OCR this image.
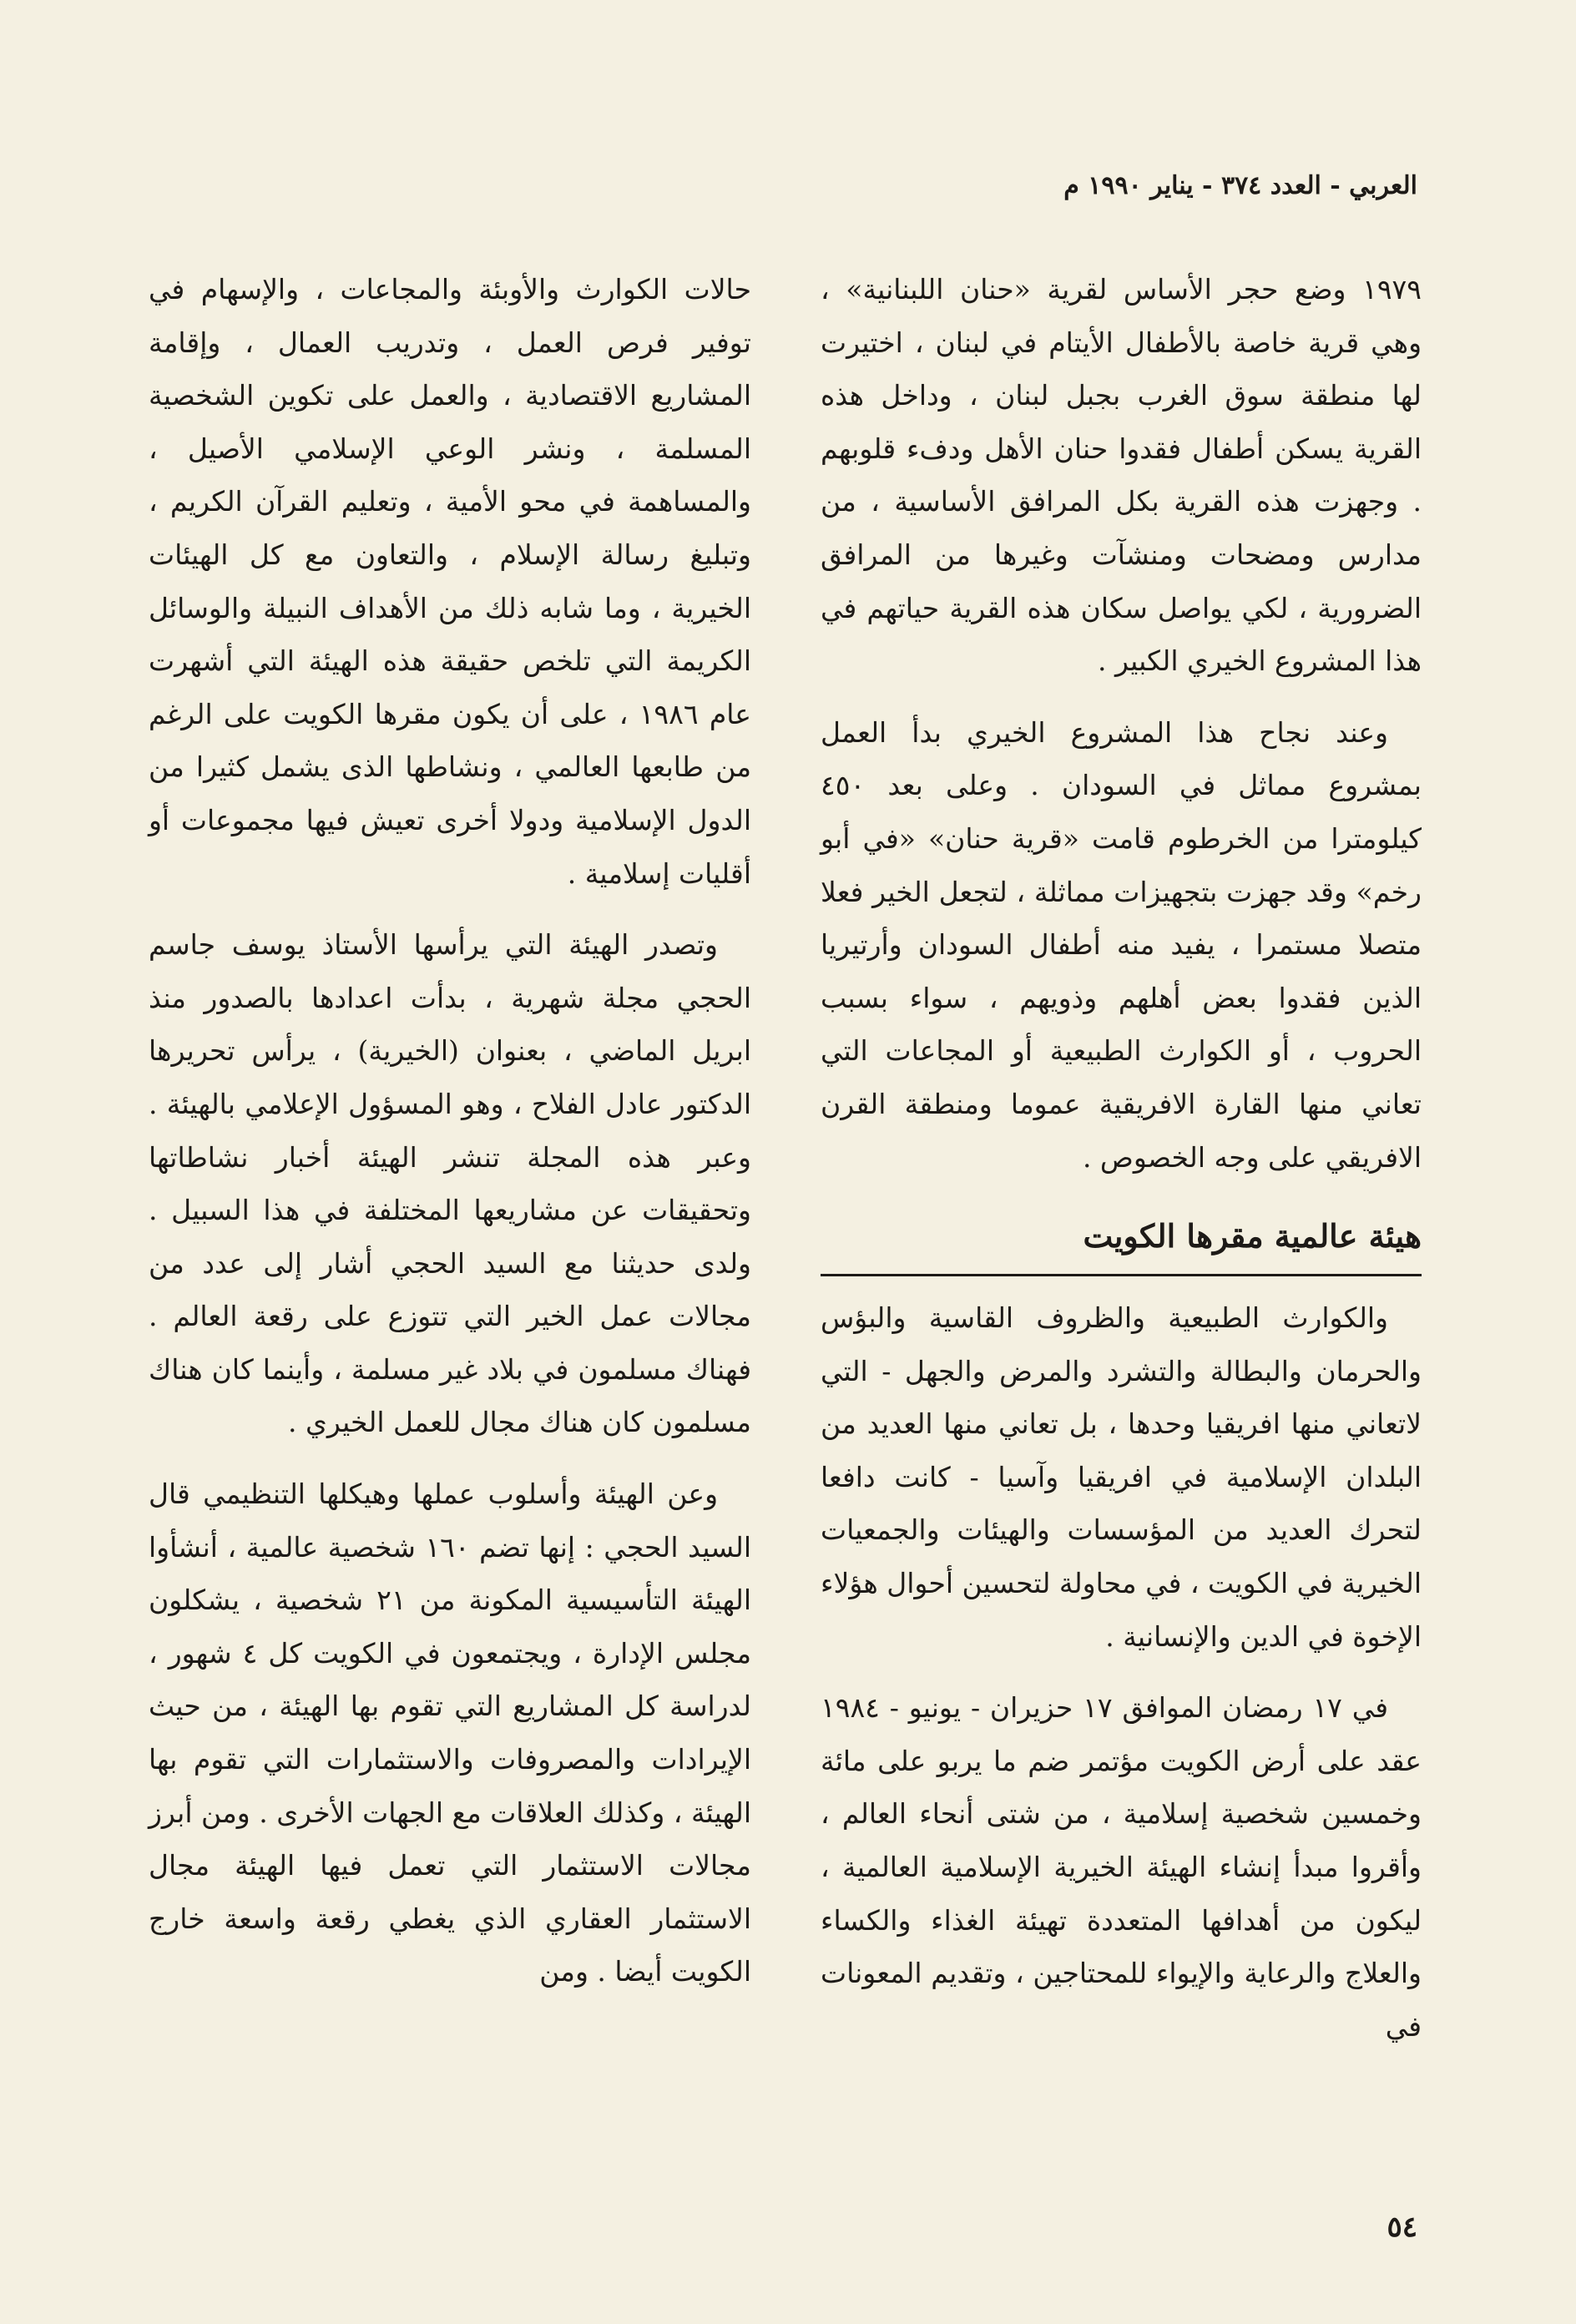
العربي - العدد ٣٧٤ - يناير ١٩٩٠ م

١٩٧٩ وضع حجر الأساس لقرية «حنان اللبنانية» ، وهي قرية خاصة بالأطفال الأيتام في لبنان ، اختيرت لها منطقة سوق الغرب بجبل لبنان ، وداخل هذه القرية يسكن أطفال فقدوا حنان الأهل ودفء قلوبهم . وجهزت هذه القرية بكل المرافق الأساسية ، من مدارس ومضحات ومنشآت وغيرها من المرافق الضرورية ، لكي يواصل سكان هذه القرية حياتهم في هذا المشروع الخيري الكبير .

وعند نجاح هذا المشروع الخيري بدأ العمل بمشروع مماثل في السودان . وعلى بعد ٤٥٠ كيلومترا من الخرطوم قامت «قرية حنان» «في أبو رخم» وقد جهزت بتجهيزات مماثلة ، لتجعل الخير فعلا متصلا مستمرا ، يفيد منه أطفال السودان وأرتيريا الذين فقدوا بعض أهلهم وذويهم ، سواء بسبب الحروب ، أو الكوارث الطبيعية أو المجاعات التي تعاني منها القارة الافريقية عموما ومنطقة القرن الافريقي على وجه الخصوص .

هيئة عالمية مقرها الكويت

والكوارث الطبيعية والظروف القاسية والبؤس والحرمان والبطالة والتشرد والمرض والجهل - التي لاتعاني منها افريقيا وحدها ، بل تعاني منها العديد من البلدان الإسلامية في افريقيا وآسيا - كانت دافعا لتحرك العديد من المؤسسات والهيئات والجمعيات الخيرية في الكويت ، في محاولة لتحسين أحوال هؤلاء الإخوة في الدين والإنسانية .

في ١٧ رمضان الموافق ١٧ حزيران - يونيو - ١٩٨٤ عقد على أرض الكويت مؤتمر ضم ما يربو على مائة وخمسين شخصية إسلامية ، من شتى أنحاء العالم ، وأقروا مبدأ إنشاء الهيئة الخيرية الإسلامية العالمية ، ليكون من أهدافها المتعددة تهيئة الغذاء والكساء والعلاج والرعاية والإيواء للمحتاجين ، وتقديم المعونات في

حالات الكوارث والأوبئة والمجاعات ، والإسهام في توفير فرص العمل ، وتدريب العمال ، وإقامة المشاريع الاقتصادية ، والعمل على تكوين الشخصية المسلمة ، ونشر الوعي الإسلامي الأصيل ، والمساهمة في محو الأمية ، وتعليم القرآن الكريم ، وتبليغ رسالة الإسلام ، والتعاون مع كل الهيئات الخيرية ، وما شابه ذلك من الأهداف النبيلة والوسائل الكريمة التي تلخص حقيقة هذه الهيئة التي أشهرت عام ١٩٨٦ ، على أن يكون مقرها الكويت على الرغم من طابعها العالمي ، ونشاطها الذى يشمل كثيرا من الدول الإسلامية ودولا أخرى تعيش فيها مجموعات أو أقليات إسلامية .

وتصدر الهيئة التي يرأسها الأستاذ يوسف جاسم الحجي مجلة شهرية ، بدأت اعدادها بالصدور منذ ابريل الماضي ، بعنوان (الخيرية) ، يرأس تحريرها الدكتور عادل الفلاح ، وهو المسؤول الإعلامي بالهيئة . وعبر هذه المجلة تنشر الهيئة أخبار نشاطاتها وتحقيقات عن مشاريعها المختلفة في هذا السبيل . ولدى حديثنا مع السيد الحجي أشار إلى عدد من مجالات عمل الخير التي تتوزع على رقعة العالم . فهناك مسلمون في بلاد غير مسلمة ، وأينما كان هناك مسلمون كان هناك مجال للعمل الخيري .

وعن الهيئة وأسلوب عملها وهيكلها التنظيمي قال السيد الحجي : إنها تضم ١٦٠ شخصية عالمية ، أنشأوا الهيئة التأسيسية المكونة من ٢١ شخصية ، يشكلون مجلس الإدارة ، ويجتمعون في الكويت كل ٤ شهور ، لدراسة كل المشاريع التي تقوم بها الهيئة ، من حيث الإيرادات والمصروفات والاستثمارات التي تقوم بها الهيئة ، وكذلك العلاقات مع الجهات الأخرى . ومن أبرز مجالات الاستثمار التي تعمل فيها الهيئة مجال الاستثمار العقاري الذي يغطي رقعة واسعة خارج الكويت أيضا . ومن

٥٤
